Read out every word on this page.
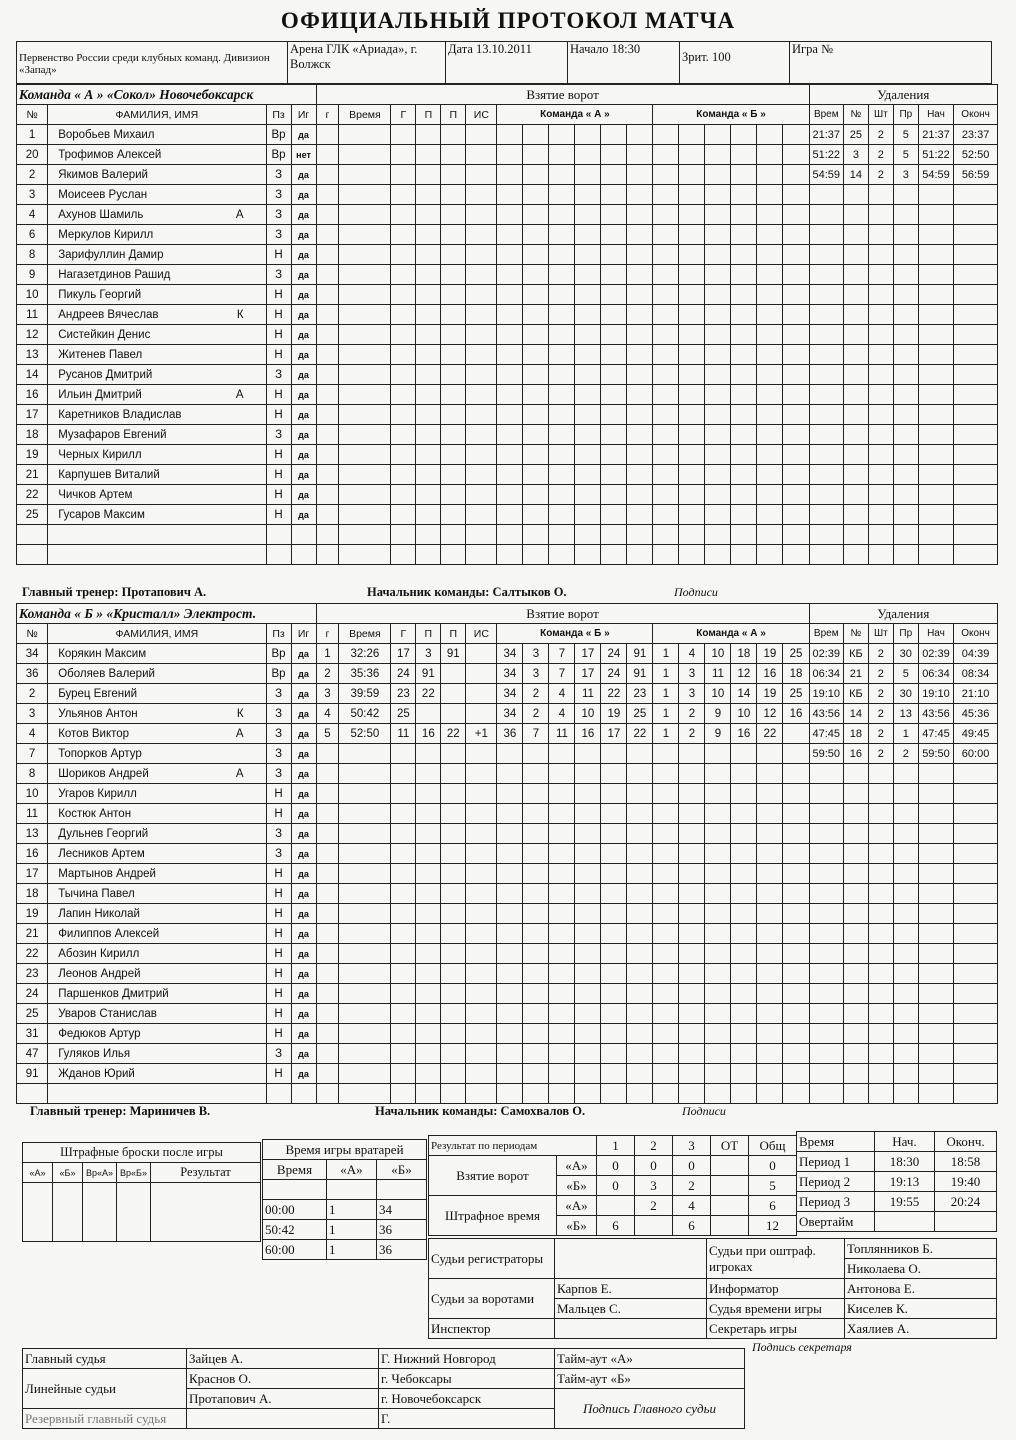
ОФИЦИАЛЬНЫЙ ПРОТОКОЛ МАТЧА
Первенство России среди клубных команд. Дивизион «Запад»	Арена ГЛК «Ариада», г. Волжск	Дата 13.10.2011	Начало 18:30	Зрит. 100	Игра №
Команда « А » «Сокол» Новочебоксарск				Взятие ворот																		Удаления					
№	ФАМИЛИЯ, ИМЯ	Пз	Иг	г	Время	Г	П	П	ИС	Команда « А »						Команда « Б »						Врем	№	Шт	Пр	Нач	Оконч
1	Воробьев Михаил	Вр	да																			21:37	25	2	5	21:37	23:37
20	Трофимов Алексей	Вр	нет																			51:22	3	2	5	51:22	52:50
2	Якимов Валерий	З	да																			54:59	14	2	3	54:59	56:59
3	Моисеев Руслан	З	да																								
4	Ахунов Шамиль А	З	да																								
6	Меркулов Кирилл	З	да																								
8	Зарифуллин Дамир	Н	да																								
9	Нагазетдинов Рашид	З	да																								
10	Пикуль Георгий	Н	да																								
11	Андреев Вячеслав К	Н	да																								
12	Систейкин Денис	Н	да																								
13	Житенев Павел	Н	да																								
14	Русанов Дмитрий	З	да																								
16	Ильин Дмитрий А	Н	да																								
17	Каретников Владислав	Н	да																								
18	Музафаров Евгений	З	да																								
19	Черных Кирилл	Н	да																								
21	Карпушев Виталий	Н	да																								
22	Чичков Артем	Н	да																								
25	Гусаров Максим	Н	да																								

Главный тренер: Протапович А.	Начальник команды: Салтыков О.	Подписи
Команда « Б » «Кристалл» Электрост.				Взятие ворот																		Удаления					
№	ФАМИЛИЯ, ИМЯ	Пз	Иг	г	Время	Г	П	П	ИС	Команда « Б »						Команда « А »						Врем	№	Шт	Пр	Нач	Оконч
34	Корякин Максим	Вр	да	1	32:26	17	3	91		34	3	7	17	24	91	1	4	10	18	19	25	02:39	КБ	2	30	02:39	04:39
36	Оболяев Валерий	Вр	да	2	35:36	24	91			34	3	7	17	24	91	1	3	11	12	16	18	06:34	21	2	5	06:34	08:34
2	Бурец Евгений	З	да	3	39:59	23	22			34	2	4	11	22	23	1	3	10	14	19	25	19:10	КБ	2	30	19:10	21:10
3	Ульянов Антон К	З	да	4	50:42	25				34	2	4	10	19	25	1	2	9	10	12	16	43:56	14	2	13	43:56	45:36
4	Котов Виктор А	З	да	5	52:50	11	16	22	+1	36	7	11	16	17	22	1	2	9	16	22		47:45	18	2	1	47:45	49:45
7	Топорков Артур	З	да																			59:50	16	2	2	59:50	60:00
8	Шориков Андрей А	З	да																								
10	Угаров Кирилл	Н	да																								
11	Костюк Антон	Н	да																								
13	Дульнев Георгий	З	да																								
16	Лесников Артем	З	да																								
17	Мартынов Андрей	Н	да																								
18	Тычина Павел	Н	да																								
19	Лапин Николай	Н	да																								
21	Филиппов Алексей	Н	да																								
22	Абозин Кирилл	Н	да																								
23	Леонов Андрей	Н	да																								
24	Паршенков Дмитрий	Н	да																								
25	Уваров Станислав	Н	да																								
31	Федюков Артур	Н	да																								
47	Гуляков Илья	З	да																								
91	Жданов Юрий	Н	да																								

Главный тренер: Мариничев В.	Начальник команды: Самохвалов О.	Подписи
Штрафные броски после игры				
«А»	«Б»	Вр«А»	Вр«Б»	Результат

Время игры вратарей		
Время	«А»	«Б»

00:00	1	34
50:42	1	36
60:00	1	36
Результат по периодам		1	2	3	ОТ	Общ
Взятие ворот	«А»	0	0	0		0
	«Б»	0	3	2		5
Штрафное время	«А»		2	4		6
	«Б»	6		6		12
Время	Нач.	Оконч.
Период 1	18:30	18:58
Период 2	19:13	19:40
Период 3	19:55	20:24
Овертайм		
Судьи регистраторы		Судьи при оштраф. игроках	Топлянников Б.
			Николаева О.
Судьи за воротами	Карпов Е.	Информатор	Антонова Е.
	Мальцев С.	Судья времени игры	Киселев К.
Инспектор		Секретарь игры	Хаялиев А.
Главный судья	Зайцев А.	Г. Нижний Новгород	Тайм-аут «А»
Линейные судьи	Краснов О.	г. Чебоксары	Тайм-аут «Б»
	Протапович А.	г. Новочебоксарск	Подпись Главного судьи
Резервный главный судья		Г.	
Подпись секретаря
